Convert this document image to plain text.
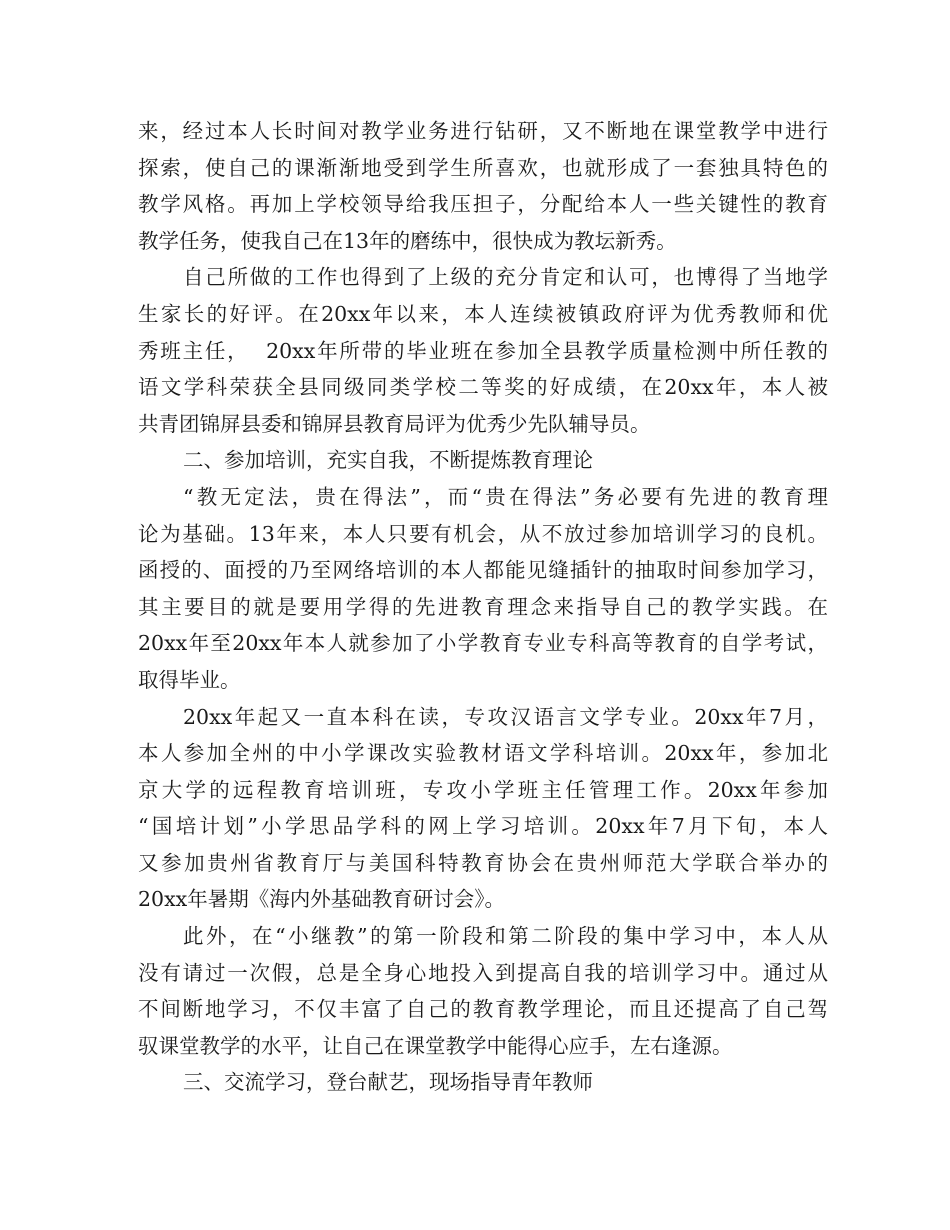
来，经过本人长时间对教学业务进行钻研，又不断地在课堂教学中进行
探索，使自己的课渐渐地受到学生所喜欢，也就形成了一套独具特色的
教学风格。再加上学校领导给我压担子，分配给本人一些关键性的教育
教学任务，使我自己在13年的磨练中，很快成为教坛新秀。
自己所做的工作也得到了上级的充分肯定和认可，也博得了当地学
生家长的好评。在20xx年以来，本人连续被镇政府评为优秀教师和优
秀班主任，  20xx年所带的毕业班在参加全县教学质量检测中所任教的
语文学科荣获全县同级同类学校二等奖的好成绩，在20xx年，本人被
共青团锦屏县委和锦屏县教育局评为优秀少先队辅导员。
二、参加培训，充实自我，不断提炼教育理论
“教无定法，贵在得法”，而“贵在得法”务必要有先进的教育理
论为基础。13年来，本人只要有机会，从不放过参加培训学习的良机。
函授的、面授的乃至网络培训的本人都能见缝插针的抽取时间参加学习，
其主要目的就是要用学得的先进教育理念来指导自己的教学实践。在
20xx年至20xx年本人就参加了小学教育专业专科高等教育的自学考试，
取得毕业。
20xx年起又一直本科在读，专攻汉语言文学专业。20xx年7月，
本人参加全州的中小学课改实验教材语文学科培训。20xx年，参加北
京大学的远程教育培训班，专攻小学班主任管理工作。20xx年参加
“国培计划”小学思品学科的网上学习培训。20xx年7月下旬，本人
又参加贵州省教育厅与美国科特教育协会在贵州师范大学联合举办的
20xx年暑期《海内外基础教育研讨会》。
此外，在“小继教”的第一阶段和第二阶段的集中学习中，本人从
没有请过一次假，总是全身心地投入到提高自我的培训学习中。通过从
不间断地学习，不仅丰富了自己的教育教学理论，而且还提高了自己驾
驭课堂教学的水平，让自己在课堂教学中能得心应手，左右逢源。
三、交流学习，登台献艺，现场指导青年教师
